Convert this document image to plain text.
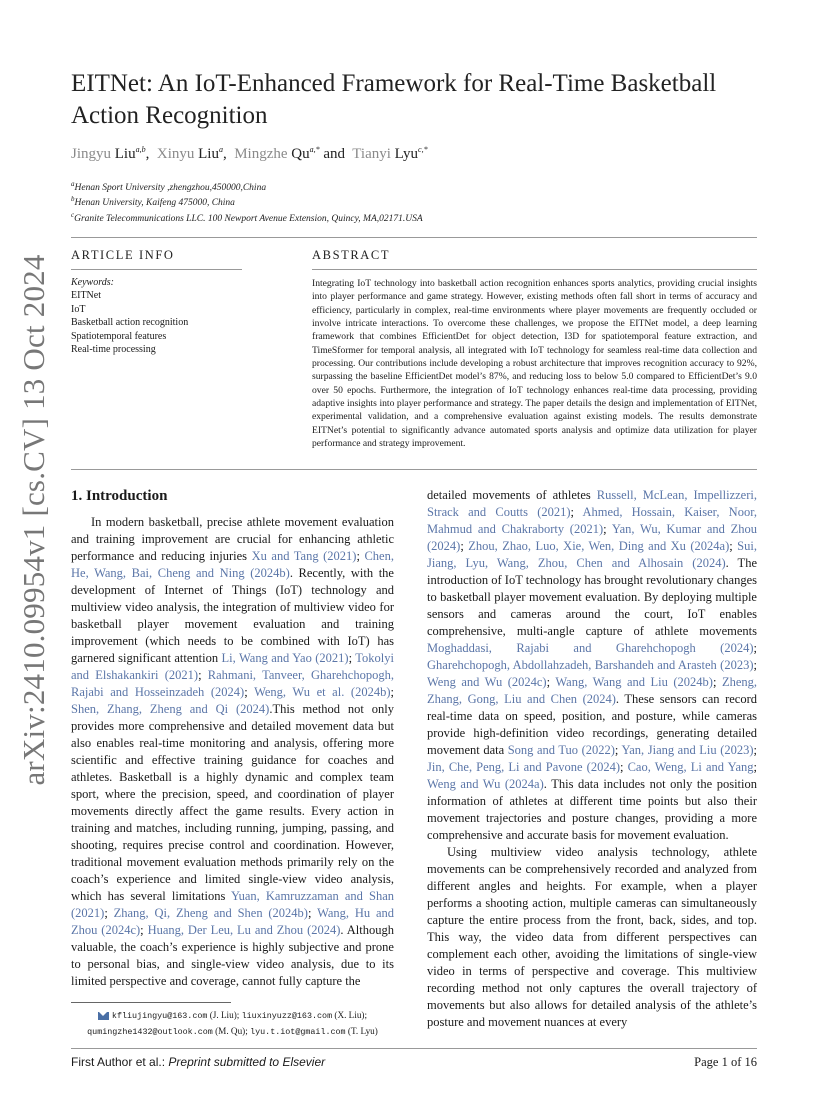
arXiv:2410.09954v1 [cs.CV] 13 Oct 2024
EITNet: An IoT-Enhanced Framework for Real-Time Basketball Action Recognition
Jingyu Liu$^{a,b}$, Xinyu Liu$^a$, Mingzhe $Qu^{a,*}$ and Tianyi Lyu$^{c,*}$
$^a$Henan Sport University ,zhengzhou,450000,China
$^b$Henan University, Kaifeng 475000, China
$^c$Granite Telecommunications LLC. 100 Newport Avenue Extension, Quincy, MA,02171.USA
ARTICLE INFO
Keywords:
EITNet
IoT
Basketball action recognition
Spatiotemporal features
Real-time processing
ABSTRACT
Integrating IoT technology into basketball action recognition enhances sports analytics, providing crucial insights into player performance and game strategy. However, existing methods often fall short in terms of accuracy and efficiency, particularly in complex, real-time environments where player movements are frequently occluded or involve intricate interactions. To overcome these challenges, we propose the EITNet model, a deep learning framework that combines EfficientDet for object detection, I3D for spatiotemporal feature extraction, and TimeSformer for temporal analysis, all integrated with IoT technology for seamless real-time data collection and processing. Our contributions include developing a robust architecture that improves recognition accuracy to 92%, surpassing the baseline EfficientDet model’s 87%, and reducing loss to below 5.0 compared to EfficientDet’s 9.0 over 50 epochs. Furthermore, the integration of IoT technology enhances real-time data processing, providing adaptive insights into player performance and strategy. The paper details the design and implementation of EITNet, experimental validation, and a comprehensive evaluation against existing models. The results demonstrate EITNet’s potential to significantly advance automated sports analysis and optimize data utilization for player performance and strategy improvement.
1. Introduction

In modern basketball, precise athlete movement evaluation and training improvement are crucial for enhancing athletic performance and reducing injuries Xu and Tang (2021); Chen, He, Wang, Bai, Cheng and Ning (2024b). Recently, with the development of Internet of Things (IoT) technology and multiview video analysis, the integration of multiview video for basketball player movement evaluation and training improvement (which needs to be combined with IoT) has garnered significant attention Li, Wang and Yao (2021); Tokolyi and Elshakankiri (2021); Rahmani, Tanveer, Gharehchopogh, Rajabi and Hosseinzadeh (2024); Weng, Wu et al. (2024b); Shen, Zhang, Zheng and Qi (2024).This method not only provides more comprehensive and detailed movement data but also enables real-time monitoring and analysis, offering more scientific and effective training guidance for coaches and athletes. Basketball is a highly dynamic and complex team sport, where the precision, speed, and coordination of player movements directly affect the game results. Every action in training and matches, including running, jumping, passing, and shooting, requires precise control and coordination. However, traditional movement evaluation methods primarily rely on the coach’s experience and limited single-view video analysis, which has several limitations Yuan, Kamruzzaman and Shan (2021); Zhang, Qi, Zheng and Shen (2024b); Wang, Hu and Zhou (2024c); Huang, Der Leu, Lu and Zhou (2024). Although valuable, the coach’s experience is highly subjective and prone to personal bias, and single-view video analysis, due to its limited perspective and coverage, cannot fully capture the

detailed movements of athletes Russell, McLean, Impellizzeri, Strack and Coutts (2021); Ahmed, Hossain, Kaiser, Noor, Mahmud and Chakraborty (2021); Yan, Wu, Kumar and Zhou (2024); Zhou, Zhao, Luo, Xie, Wen, Ding and Xu (2024a); Sui, Jiang, Lyu, Wang, Zhou, Chen and Alhosain (2024). The introduction of IoT technology has brought revolutionary changes to basketball player movement evaluation. By deploying multiple sensors and cameras around the court, IoT enables comprehensive, multi-angle capture of athlete movements Moghaddasi, Rajabi and Gharehchopogh (2024); Gharehchopogh, Abdollahzadeh, Barshandeh and Arasteh (2023); Weng and Wu (2024c); Wang, Wang and Liu (2024b); Zheng, Zhang, Gong, Liu and Chen (2024). These sensors can record real-time data on speed, position, and posture, while cameras provide high-definition video recordings, generating detailed movement data Song and Tuo (2022); Yan, Jiang and Liu (2023); Jin, Che, Peng, Li and Pavone (2024); Cao, Weng, Li and Yang; Weng and Wu (2024a). This data includes not only the position information of athletes at different time points but also their movement trajectories and posture changes, providing a more comprehensive and accurate basis for movement evaluation.

Using multiview video analysis technology, athlete movements can be comprehensively recorded and analyzed from different angles and heights. For example, when a player performs a shooting action, multiple cameras can simultaneously capture the entire process from the front, back, sides, and top. This way, the video data from different perspectives can complement each other, avoiding the limitations of single-view video in terms of perspective and coverage. This multiview recording method not only captures the overall trajectory of movements but also allows for detailed analysis of the athlete’s posture and movement nuances at every

kfliujingyu@163.com (J. Liu); liuxinyuzz@163.com (X. Liu);
qumingzhe1432@outlook.com (M. Qu); lyu.t.iot@gmail.com (T. Lyu)
First Author et al.: Preprint submitted to Elsevier	Page 1 of 16
